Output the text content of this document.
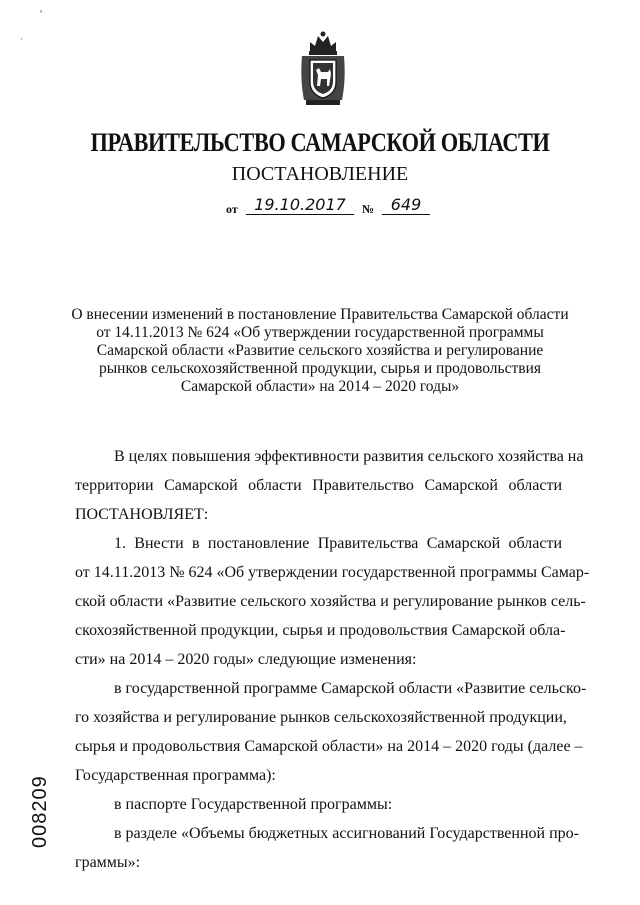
ᵃ
·
ПРАВИТЕЛЬСТВО САМАРСКОЙ ОБЛАСТИ
ПОСТАНОВЛЕНИЕ
от	19.10.2017	№	649
О внесении изменений в постановление Правительства Самарской области
от 14.11.2013 № 624 «Об утверждении государственной программы
Самарской области «Развитие сельского хозяйства и регулирование
рынков сельскохозяйственной продукции, сырья и продовольствия
Самарской области» на 2014 – 2020 годы»
В целях повышения эффективности развития сельского хозяйства на
территории Самарской области Правительство Самарской области
ПОСТАНОВЛЯЕТ:
1. Внести в постановление Правительства Самарской области
от 14.11.2013 № 624 «Об утверждении государственной программы Самар-
ской области «Развитие сельского хозяйства и регулирование рынков сель-
скохозяйственной продукции, сырья и продовольствия Самарской обла-
сти» на 2014 – 2020 годы» следующие изменения:
в государственной программе Самарской области «Развитие сельско-
го хозяйства и регулирование рынков сельскохозяйственной продукции,
сырья и продовольствия Самарской области» на 2014 – 2020 годы (далее –
Государственная программа):
в паспорте Государственной программы:
в разделе «Объемы бюджетных ассигнований Государственной про-
граммы»:
008209
